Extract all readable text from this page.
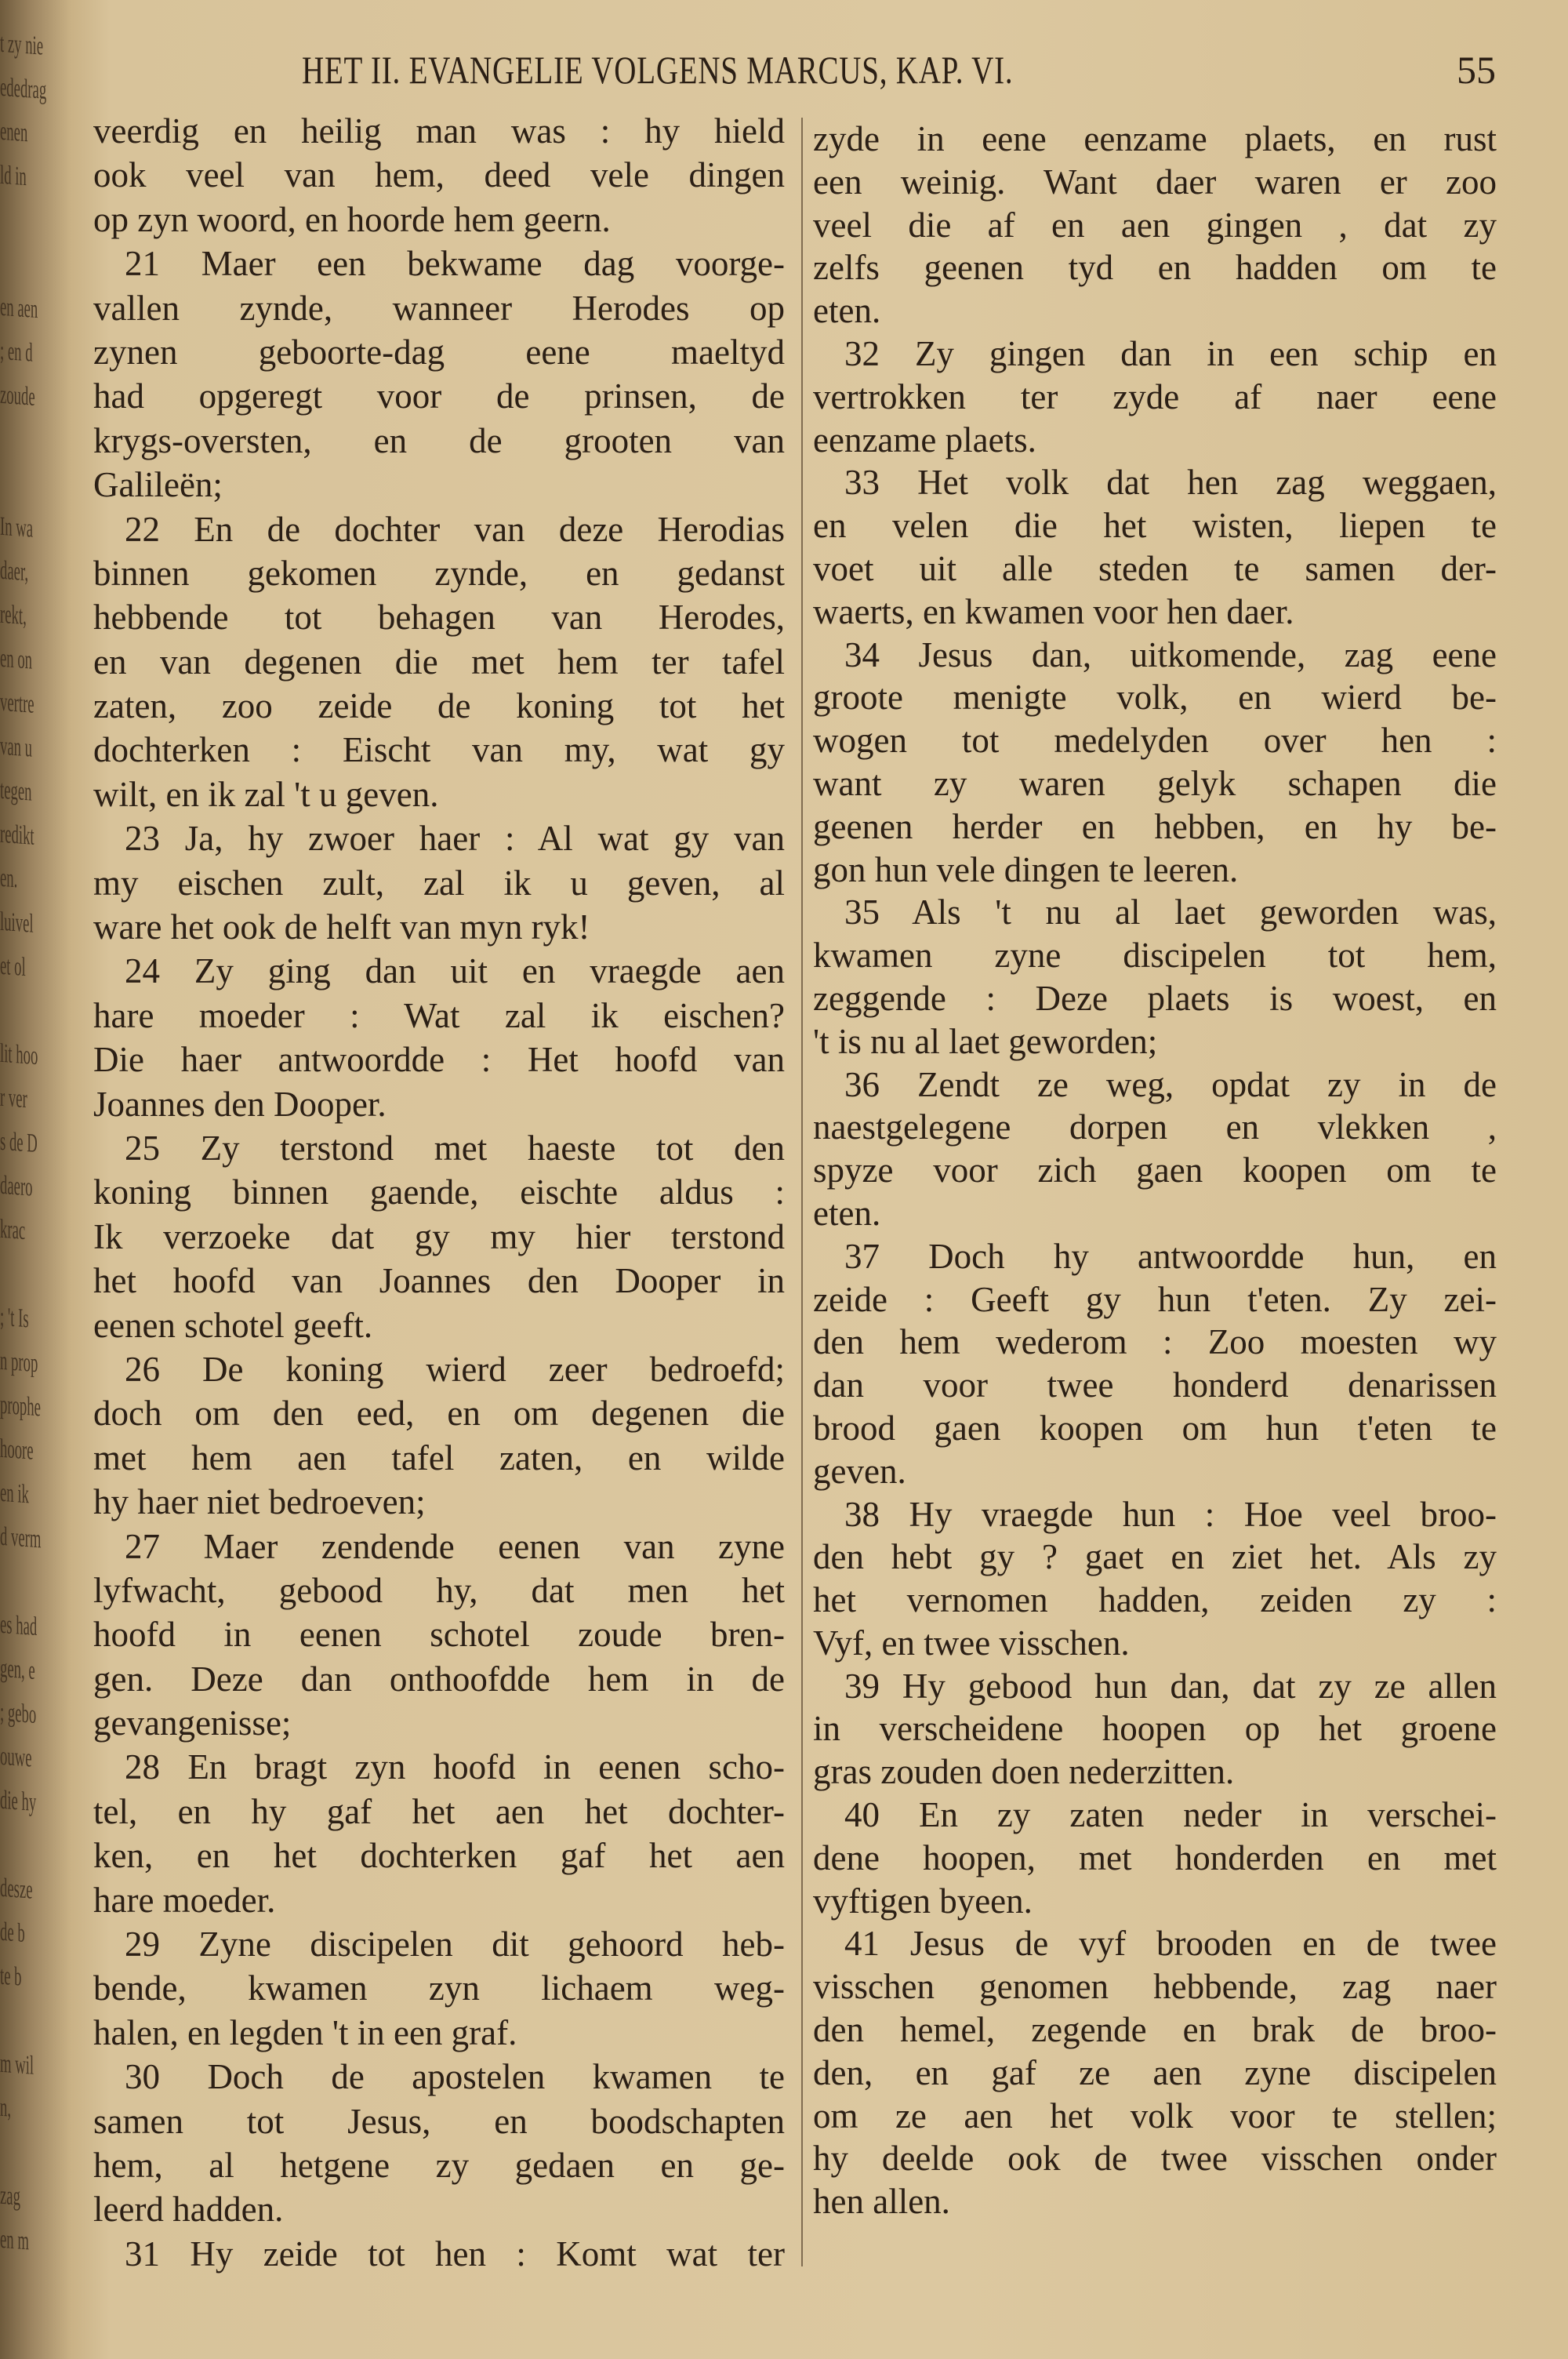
t zy nie
ededrag
enen
ld in
en aen
; en d
zoude
In wa
daer,
rekt,
en on
vertre
van u
tegen
redikt
en.
luivel
et ol
lit hoo
r ver
s de D
daero
krac
; 't Is
n prop
prophe
hoore
en ik
d verm
es had
gen, e
; gebo
ouwe
die hy
desze
de b
te b
m wil
n,
zag
en m
HET II. EVANGELIE VOLGENS MARCUS, KAP. VI.	55
veerdig en heilig man was : hy hield
ook veel van hem, deed vele dingen
op zyn woord, en hoorde hem geern.
21 Maer een bekwame dag voorge-
vallen zynde, wanneer Herodes op
zynen geboorte-dag eene maeltyd
had opgeregt voor de prinsen, de
krygs-oversten, en de grooten van
Galileën;
22 En de dochter van deze Herodias
binnen gekomen zynde, en gedanst
hebbende tot behagen van Herodes,
en van degenen die met hem ter tafel
zaten, zoo zeide de koning tot het
dochterken : Eischt van my, wat gy
wilt, en ik zal 't u geven.
23 Ja, hy zwoer haer : Al wat gy van
my eischen zult, zal ik u geven, al
ware het ook de helft van myn ryk!
24 Zy ging dan uit en vraegde aen
hare moeder : Wat zal ik eischen?
Die haer antwoordde : Het hoofd van
Joannes den Dooper.
25 Zy terstond met haeste tot den
koning binnen gaende, eischte aldus :
Ik verzoeke dat gy my hier terstond
het hoofd van Joannes den Dooper in
eenen schotel geeft.
26 De koning wierd zeer bedroefd;
doch om den eed, en om degenen die
met hem aen tafel zaten, en wilde
hy haer niet bedroeven;
27 Maer zendende eenen van zyne
lyfwacht, gebood hy, dat men het
hoofd in eenen schotel zoude bren-
gen. Deze dan onthoofdde hem in de
gevangenisse;
28 En bragt zyn hoofd in eenen scho-
tel, en hy gaf het aen het dochter-
ken, en het dochterken gaf het aen
hare moeder.
29 Zyne discipelen dit gehoord heb-
bende, kwamen zyn lichaem weg-
halen, en legden 't in een graf.
30 Doch de apostelen kwamen te
samen tot Jesus, en boodschapten
hem, al hetgene zy gedaen en ge-
leerd hadden.
31 Hy zeide tot hen : Komt wat ter
zyde in eene eenzame plaets, en rust
een weinig. Want daer waren er zoo
veel die af en aen gingen , dat zy
zelfs geenen tyd en hadden om te
eten.
32 Zy gingen dan in een schip en
vertrokken ter zyde af naer eene
eenzame plaets.
33 Het volk dat hen zag weggaen,
en velen die het wisten, liepen te
voet uit alle steden te samen der-
waerts, en kwamen voor hen daer.
34 Jesus dan, uitkomende, zag eene
groote menigte volk, en wierd be-
wogen tot medelyden over hen :
want zy waren gelyk schapen die
geenen herder en hebben, en hy be-
gon hun vele dingen te leeren.
35 Als 't nu al laet geworden was,
kwamen zyne discipelen tot hem,
zeggende : Deze plaets is woest, en
't is nu al laet geworden;
36 Zendt ze weg, opdat zy in de
naestgelegene dorpen en vlekken ,
spyze voor zich gaen koopen om te
eten.
37 Doch hy antwoordde hun, en
zeide : Geeft gy hun t'eten. Zy zei-
den hem wederom : Zoo moesten wy
dan voor twee honderd denarissen
brood gaen koopen om hun t'eten te
geven.
38 Hy vraegde hun : Hoe veel broo-
den hebt gy ? gaet en ziet het. Als zy
het vernomen hadden, zeiden zy :
Vyf, en twee visschen.
39 Hy gebood hun dan, dat zy ze allen
in verscheidene hoopen op het groene
gras zouden doen nederzitten.
40 En zy zaten neder in verschei-
dene hoopen, met honderden en met
vyftigen byeen.
41 Jesus de vyf brooden en de twee
visschen genomen hebbende, zag naer
den hemel, zegende en brak de broo-
den, en gaf ze aen zyne discipelen
om ze aen het volk voor te stellen;
hy deelde ook de twee visschen onder
hen allen.
